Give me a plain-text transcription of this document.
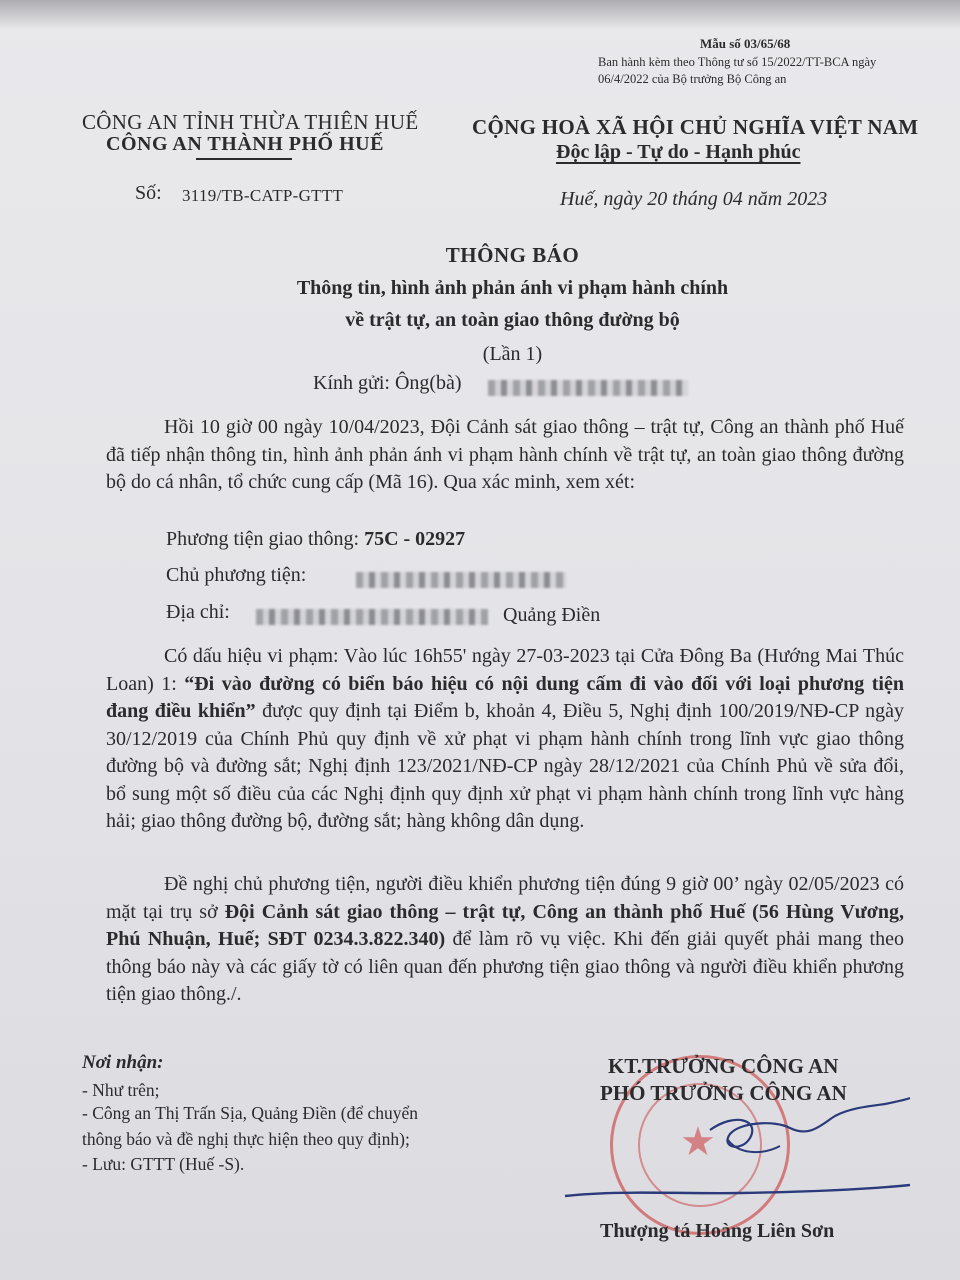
Mẫu số 03/65/68
Ban hành kèm theo Thông tư số 15/2022/TT-BCA ngày 06/4/2022 của Bộ trưởng Bộ Công an
CÔNG AN TỈNH THỪA THIÊN HUẾ
CÔNG AN THÀNH PHỐ HUẾ
CỘNG HOÀ XÃ HỘI CHỦ NGHĨA VIỆT NAM
Độc lập - Tự do - Hạnh phúc
Số: 3119/TB-CATP-GTTT	Huế, ngày 20 tháng 04 năm 2023
THÔNG BÁO
Thông tin, hình ảnh phản ánh vi phạm hành chính
về trật tự, an toàn giao thông đường bộ
(Lần 1)
Kính gửi: Ông(bà)
Hồi 10 giờ 00 ngày 10/04/2023, Đội Cảnh sát giao thông – trật tự, Công an thành phố Huế đã tiếp nhận thông tin, hình ảnh phản ánh vi phạm hành chính về trật tự, an toàn giao thông đường bộ do cá nhân, tổ chức cung cấp (Mã 16). Qua xác minh, xem xét:
Phương tiện giao thông: 75C - 02927
Chủ phương tiện:
Địa chỉ:	Quảng Điền
Có dấu hiệu vi phạm: Vào lúc 16h55' ngày 27-03-2023 tại Cửa Đông Ba (Hướng Mai Thúc Loan) 1: “Đi vào đường có biển báo hiệu có nội dung cấm đi vào đối với loại phương tiện đang điều khiển” được quy định tại Điểm b, khoản 4, Điều 5, Nghị định 100/2019/NĐ-CP ngày 30/12/2019 của Chính Phủ quy định về xử phạt vi phạm hành chính trong lĩnh vực giao thông đường bộ và đường sắt; Nghị định 123/2021/NĐ-CP ngày 28/12/2021 của Chính Phủ về sửa đổi, bổ sung một số điều của các Nghị định quy định xử phạt vi phạm hành chính trong lĩnh vực hàng hải; giao thông đường bộ, đường sắt; hàng không dân dụng.
Đề nghị chủ phương tiện, người điều khiển phương tiện đúng 9 giờ 00’ ngày 02/05/2023 có mặt tại trụ sở Đội Cảnh sát giao thông – trật tự, Công an thành phố Huế (56 Hùng Vương, Phú Nhuận, Huế; SĐT 0234.3.822.340) để làm rõ vụ việc. Khi đến giải quyết phải mang theo thông báo này và các giấy tờ có liên quan đến phương tiện giao thông và người điều khiển phương tiện giao thông./.
Nơi nhận:
- Như trên;
- Công an Thị Trấn Sịa, Quảng Điền (để chuyển
thông báo và đề nghị thực hiện theo quy định);
- Lưu: GTTT (Huế -S).	★
KT.TRƯỞNG CÔNG AN
PHÓ TRƯỞNG CÔNG AN
Thượng tá Hoàng Liên Sơn
